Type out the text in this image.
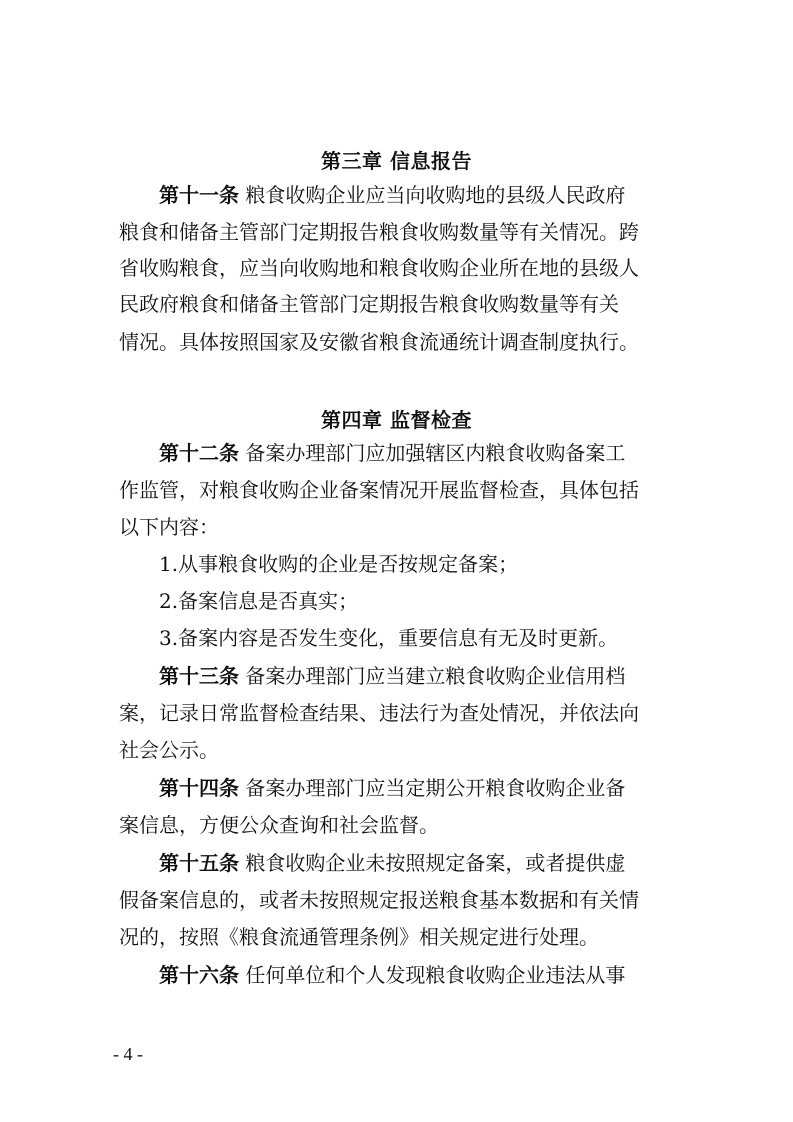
第三章 信息报告
第十一条 粮食收购企业应当向收购地的县级人民政府
粮食和储备主管部门定期报告粮食收购数量等有关情况。跨
省收购粮食，应当向收购地和粮食收购企业所在地的县级人
民政府粮食和储备主管部门定期报告粮食收购数量等有关
情况。具体按照国家及安徽省粮食流通统计调查制度执行。
第四章 监督检查
第十二条 备案办理部门应加强辖区内粮食收购备案工
作监管，对粮食收购企业备案情况开展监督检查，具体包括
以下内容：
1.从事粮食收购的企业是否按规定备案；
2.备案信息是否真实；
3.备案内容是否发生变化，重要信息有无及时更新。
第十三条 备案办理部门应当建立粮食收购企业信用档
案，记录日常监督检查结果、违法行为查处情况，并依法向
社会公示。
第十四条 备案办理部门应当定期公开粮食收购企业备
案信息，方便公众查询和社会监督。
第十五条 粮食收购企业未按照规定备案，或者提供虚
假备案信息的，或者未按照规定报送粮食基本数据和有关情
况的，按照《粮食流通管理条例》相关规定进行处理。
第十六条 任何单位和个人发现粮食收购企业违法从事
- 4 -
